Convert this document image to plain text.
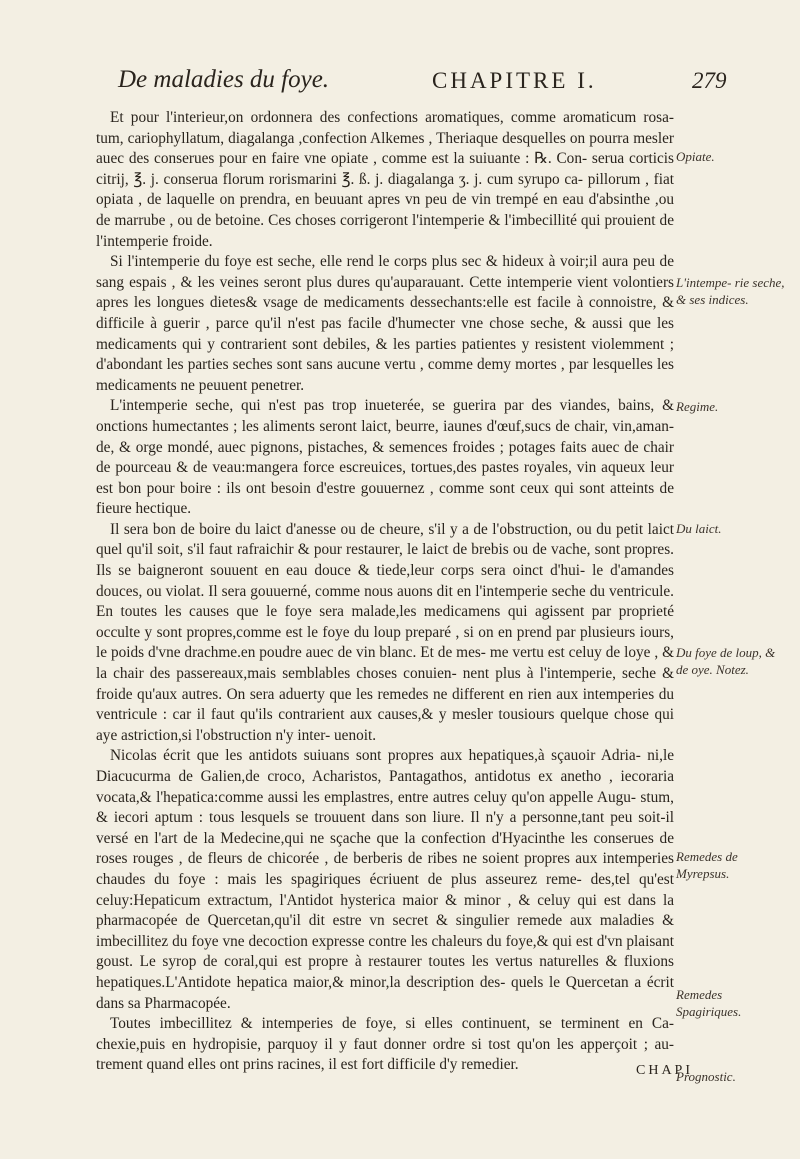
De maladies du foye.	CHAPITRE I.	279

Et pour l'interieur,on ordonnera des confections aromatiques, comme aromaticum rosa- tum, cariophyllatum, diagalanga ,confection Alkemes , Theriaque desquelles on pourra mesler auec des conserues pour en faire vne opiate , comme est la suiuante : ℞. Con- serua corticis citrij, ℥. j. conserua florum rorismarini ℥. ß. j. diagalanga ʒ. j. cum syrupo ca- pillorum , fiat opiata , de laquelle on prendra, en beuuant apres vn peu de vin trempé en eau d'absinthe ,ou de marrube , ou de betoine. Ces choses corrigeront l'intemperie & l'imbecillité qui prouient de l'intemperie froide.

Si l'intemperie du foye est seche, elle rend le corps plus sec & hideux à voir;il aura peu de sang espais , & les veines seront plus dures qu'auparauant. Cette intemperie vient volontiers apres les longues dietes& vsage de medicaments dessechants:elle est facile à connoistre, & difficile à guerir , parce qu'il n'est pas facile d'humecter vne chose seche, & aussi que les medicaments qui y contrarient sont debiles, & les parties patientes y resistent violemment ; d'abondant les parties seches sont sans aucune vertu , comme demy mortes , par lesquelles les medicaments ne peuuent penetrer.

L'intemperie seche, qui n'est pas trop inueterée, se guerira par des viandes, bains, & onctions humectantes ; les aliments seront laict, beurre, iaunes d'œuf,sucs de chair, vin,aman- de, & orge mondé, auec pignons, pistaches, & semences froides ; potages faits auec de chair de pourceau & de veau:mangera force escreuices, tortues,des pastes royales, vin aqueux leur est bon pour boire : ils ont besoin d'estre gouuernez , comme sont ceux qui sont atteints de fieure hectique.

Il sera bon de boire du laict d'anesse ou de cheure, s'il y a de l'obstruction, ou du petit laict quel qu'il soit, s'il faut rafraichir & pour restaurer, le laict de brebis ou de vache, sont propres. Ils se baigneront souuent en eau douce & tiede,leur corps sera oinct d'hui- le d'amandes douces, ou violat. Il sera gouuerné, comme nous auons dit en l'intemperie seche du ventricule. En toutes les causes que le foye sera malade,les medicamens qui agissent par proprieté occulte y sont propres,comme est le foye du loup preparé , si on en prend par plusieurs iours, le poids d'vne drachme.en poudre auec de vin blanc. Et de mes- me vertu est celuy de loye , & la chair des passereaux,mais semblables choses conuien- nent plus à l'intemperie, seche & froide qu'aux autres. On sera aduerty que les remedes ne different en rien aux intemperies du ventricule : car il faut qu'ils contrarient aux causes,& y mesler tousiours quelque chose qui aye astriction,si l'obstruction n'y inter- uenoit.

Nicolas écrit que les antidots suiuans sont propres aux hepatiques,à sçauoir Adria- ni,le Diacucurma de Galien,de croco, Acharistos, Pantagathos, antidotus ex anetho , iecoraria vocata,& l'hepatica:comme aussi les emplastres, entre autres celuy qu'on appelle Augu- stum, & iecori aptum : tous lesquels se trouuent dans son liure. Il n'y a personne,tant peu soit-il versé en l'art de la Medecine,qui ne sçache que la confection d'Hyacinthe les conserues de roses rouges , de fleurs de chicorée , de berberis de ribes ne soient propres aux intemperies chaudes du foye : mais les spagiriques écriuent de plus asseurez reme- des,tel qu'est celuy:Hepaticum extractum, l'Antidot hysterica maior & minor , & celuy qui est dans la pharmacopée de Quercetan,qu'il dit estre vn secret & singulier remede aux maladies & imbecillitez du foye vne decoction expresse contre les chaleurs du foye,& qui est d'vn plaisant goust. Le syrop de coral,qui est propre à restaurer toutes les vertus naturelles & fluxions hepatiques.L'Antidote hepatica maior,& minor,la description des- quels le Quercetan a écrit dans sa Pharmacopée.

Toutes imbecillitez & intemperies de foye, si elles continuent, se terminent en Ca- chexie,puis en hydropisie, parquoy il y faut donner ordre si tost qu'on les apperçoit ; au- trement quand elles ont prins racines, il est fort difficile d'y remedier.

Opiate.
L'intempe- rie seche, & ses indices.
Regime.
Du laict.
Du foye de loup, & de oye. Notez.
Remedes de Myrepsus.
Remedes Spagiriques.
Prognostic.
CHAPI
